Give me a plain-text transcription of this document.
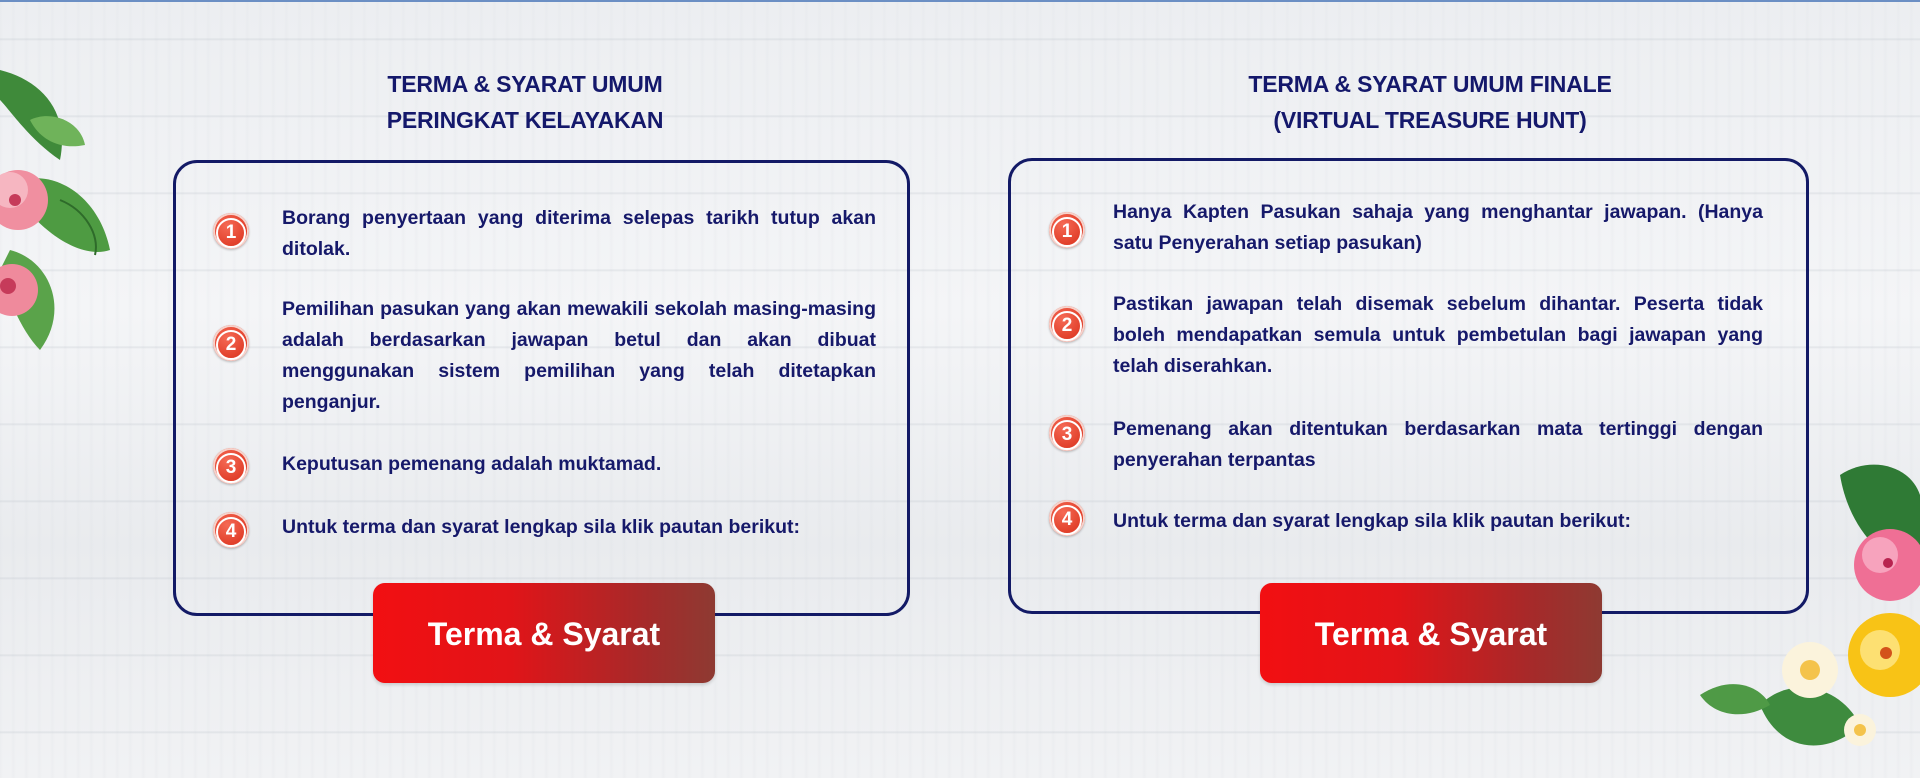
TERMA & SYARAT UMUM
PERINGKAT KELAYAKAN
1
Borang penyertaan yang diterima selepas tarikh tutup akan ditolak.
2
Pemilihan pasukan yang akan mewakili sekolah masing-masing adalah berdasarkan jawapan betul dan akan dibuat menggunakan sistem pemilihan yang telah ditetapkan penganjur.
3	Keputusan pemenang adalah muktamad.
4	Untuk terma dan syarat lengkap sila klik pautan berikut:
Terma & Syarat
TERMA & SYARAT UMUM FINALE
(VIRTUAL TREASURE HUNT)
1
Hanya Kapten Pasukan sahaja yang menghantar jawapan. (Hanya satu Penyerahan setiap pasukan)
2
Pastikan jawapan telah disemak sebelum dihantar. Peserta tidak boleh mendapatkan semula untuk pembetulan bagi jawapan yang telah diserahkan.
3	Pemenang akan ditentukan berdasarkan mata tertinggi dengan penyerahan terpantas
4	Untuk terma dan syarat lengkap sila klik pautan berikut:
Terma & Syarat
